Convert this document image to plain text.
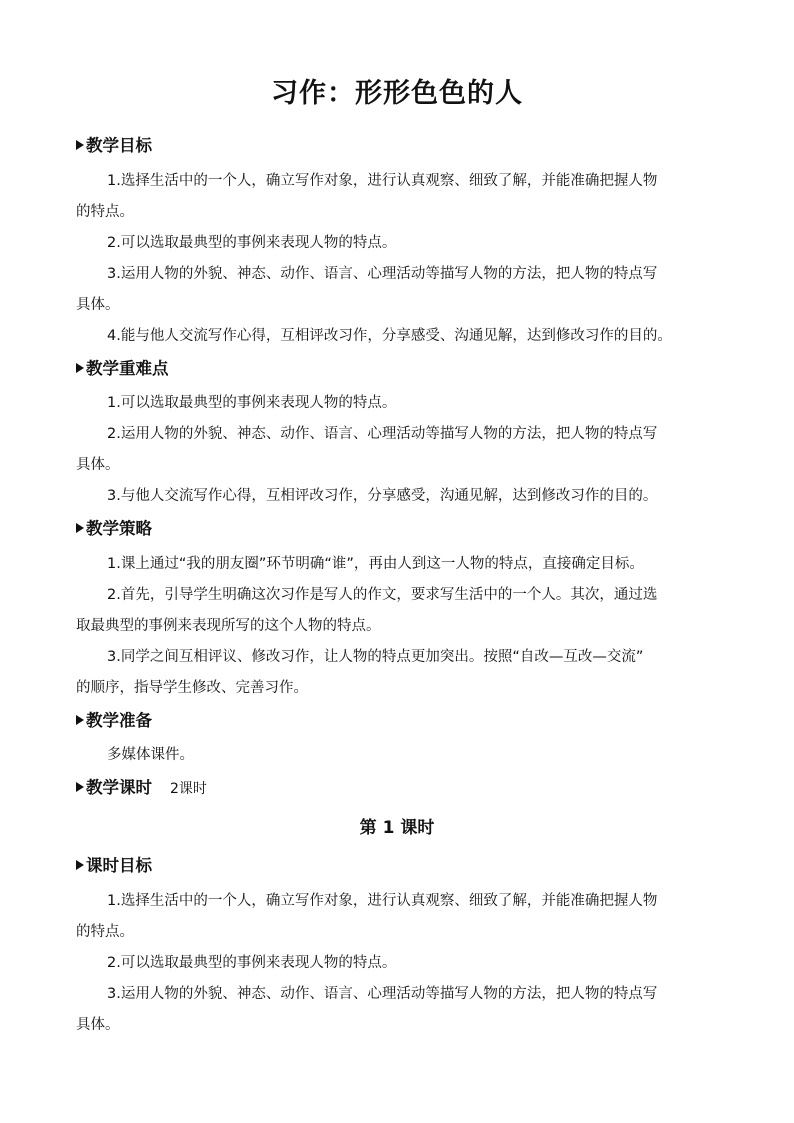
习作：形形色色的人
教学目标
1.选择生活中的一个人，确立写作对象，进行认真观察、细致了解，并能准确把握人物
的特点。
2.可以选取最典型的事例来表现人物的特点。
3.运用人物的外貌、神态、动作、语言、心理活动等描写人物的方法，把人物的特点写
具体。
4.能与他人交流写作心得，互相评改习作，分享感受、沟通见解，达到修改习作的目的。
教学重难点
1.可以选取最典型的事例来表现人物的特点。
2.运用人物的外貌、神态、动作、语言、心理活动等描写人物的方法，把人物的特点写
具体。
3.与他人交流写作心得，互相评改习作，分享感受，沟通见解，达到修改习作的目的。
教学策略
1.课上通过“我的朋友圈”环节明确“谁”，再由人到这一人物的特点，直接确定目标。
2.首先，引导学生明确这次习作是写人的作文，要求写生活中的一个人。其次，通过选
取最典型的事例来表现所写的这个人物的特点。
3.同学之间互相评议、修改习作，让人物的特点更加突出。按照“自改—互改—交流”
的顺序，指导学生修改、完善习作。
教学准备
多媒体课件。
教学课时 2课时
第 1 课时
课时目标
1.选择生活中的一个人，确立写作对象，进行认真观察、细致了解，并能准确把握人物
的特点。
2.可以选取最典型的事例来表现人物的特点。
3.运用人物的外貌、神态、动作、语言、心理活动等描写人物的方法，把人物的特点写
具体。
